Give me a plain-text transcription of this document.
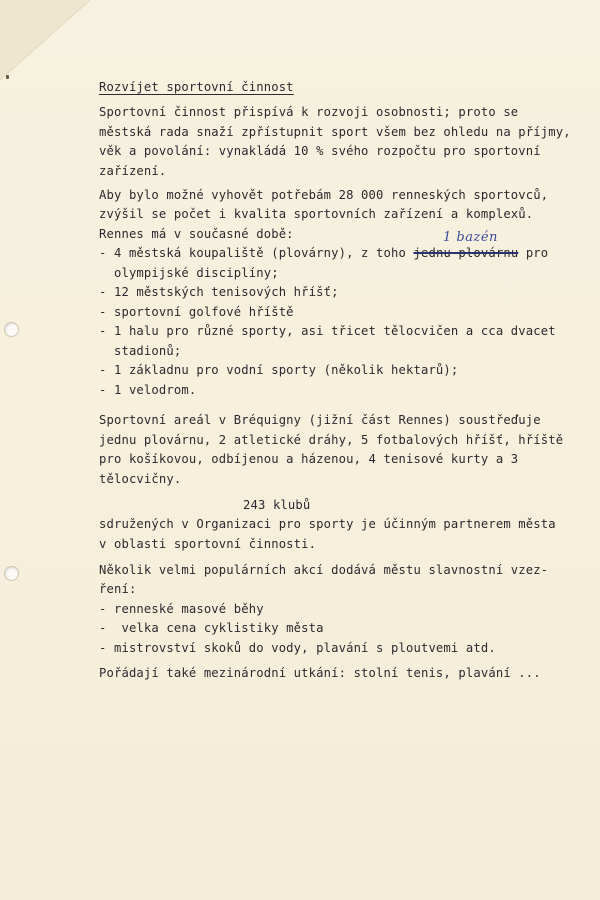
Rozvíjet sportovní činnost
Sportovní činnost přispívá k rozvoji osobnosti; proto se
městská rada snaží zpřístupnit sport všem bez ohledu na příjmy,
věk a povolání: vynakládá 10 % svého rozpočtu pro sportovní
zařízení.
Aby bylo možné vyhovět potřebám 28 000 renneských sportovců,
zvýšil se počet i kvalita sportovních zařízení a komplexů.
Rennes má v současné době:
- 4 městská koupaliště (plovárny), z toho jednu plovárnu pro
1 bazén
olympijské disciplíny;
- 12 městských tenisových hříšť;
- sportovní golfové hříště
- 1 halu pro různé sporty, asi třicet tělocvičen a cca dvacet
stadionů;
- 1 základnu pro vodní sporty (několik hektarů);
- 1 velodrom.
Sportovní areál v Bréquigny (jižní část Rennes) soustřeďuje
jednu plovárnu, 2 atletické dráhy, 5 fotbalových hříšť, hříště
pro košíkovou, odbíjenou a házenou, 4 tenisové kurty a 3
tělocvičny.
243 klubů
sdružených v Organizaci pro sporty je účinným partnerem města
v oblasti sportovní činnosti.
Několik velmi populárních akcí dodává městu slavnostní vzez-
ření:
- renneské masové běhy
-  velka cena cyklistiky města
- mistrovství skoků do vody, plavání s ploutvemi atd.
Pořádají také mezinárodní utkání: stolní tenis, plavání ...
